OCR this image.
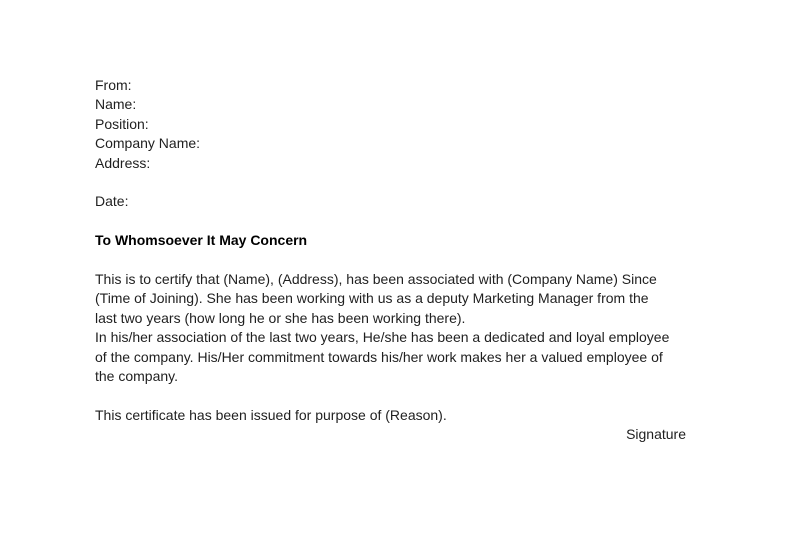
From:
Name:
Position:
Company Name:
Address:
Date:
To Whomsoever It May Concern
This is to certify that (Name), (Address), has been associated with (Company Name) Since
(Time of Joining). She has been working with us as a deputy Marketing Manager from the
last two years (how long he or she has been working there).
In his/her association of the last two years, He/she has been a dedicated and loyal employee
of the company. His/Her commitment towards his/her work makes her a valued employee of
the company.
This certificate has been issued for purpose of (Reason).
Signature
